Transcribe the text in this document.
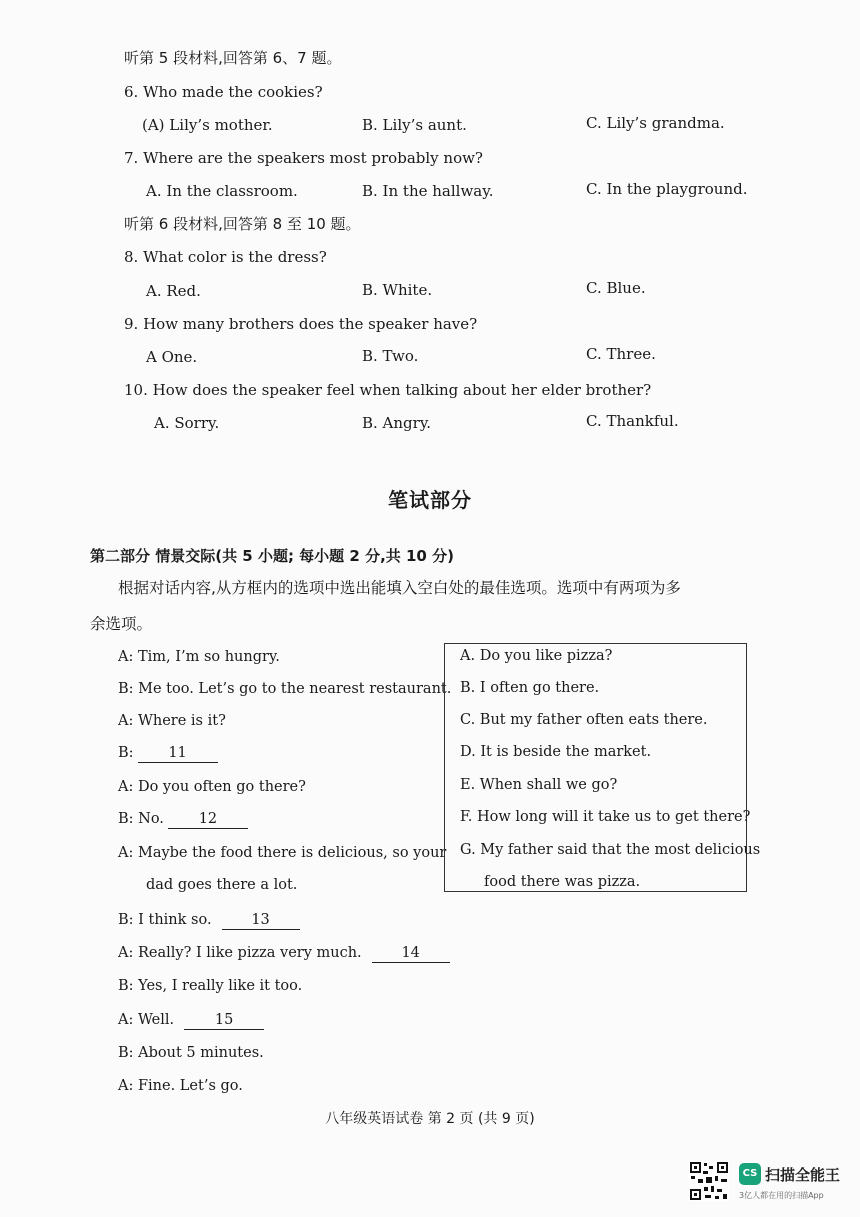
听第 5 段材料,回答第 6、7 题。
6. Who made the cookies?
(A) Lily’s mother.	B. Lily’s aunt.	C. Lily’s grandma.
7. Where are the speakers most probably now?
A. In the classroom.	B. In the hallway.	C. In the playground.
听第 6 段材料,回答第 8 至 10 题。
8. What color is the dress?
A. Red.	B. White.	C. Blue.
9. How many brothers does the speaker have?
A One.	B. Two.	C. Three.
10. How does the speaker feel when talking about her elder brother?
A. Sorry.	B. Angry.	C. Thankful.
笔试部分
第二部分 情景交际(共 5 小题; 每小题 2 分,共 10 分)
根据对话内容,从方框内的选项中选出能填入空白处的最佳选项。选项中有两项为多
余选项。
A: Tim, I’m so hungry.
B: Me too. Let’s go to the nearest restaurant.
A: Where is it?
B: 11
A: Do you often go there?
B: No. 12
A: Maybe the food there is delicious, so your
dad goes there a lot.
B: I think so.	13
A: Really? I like pizza very much.	14
B: Yes, I really like it too.
A: Well.	15
B: About 5 minutes.
A: Fine. Let’s go.
A. Do you like pizza?
B. I often go there.
C. But my father often eats there.
D. It is beside the market.
E. When shall we go?
F. How long will it take us to get there?
G. My father said that the most delicious
food there was pizza.
八年级英语试卷 第 2 页 (共 9 页)
CS 扫描全能王
3亿人都在用的扫描App
